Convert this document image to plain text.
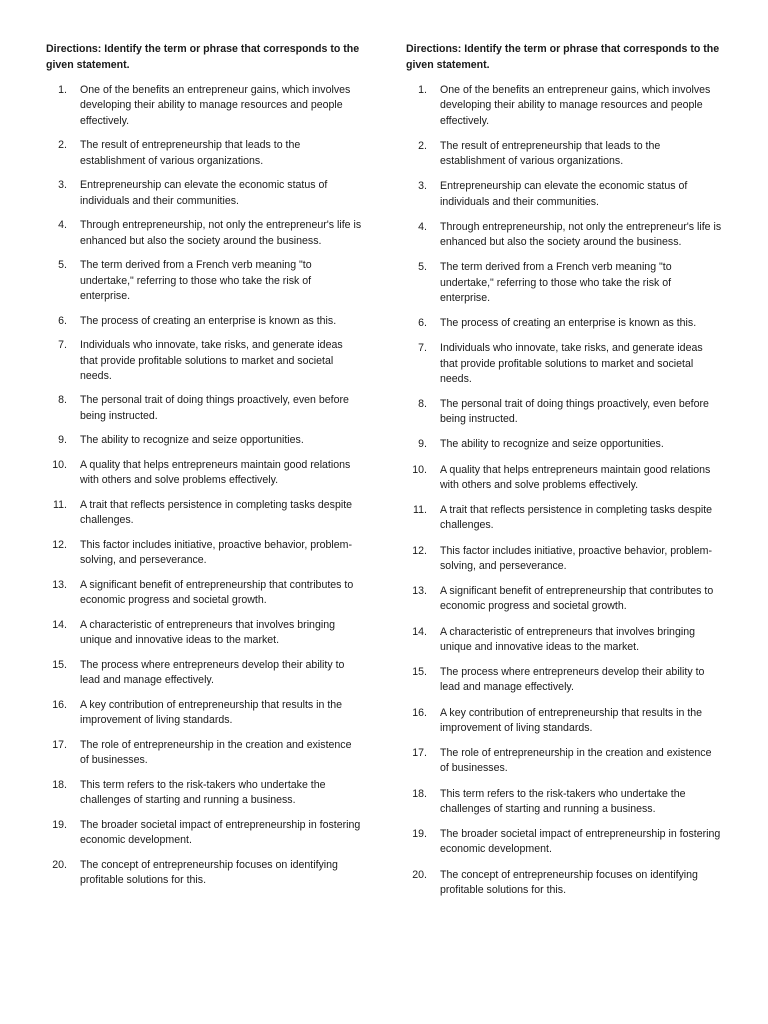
Directions: Identify the term or phrase that corresponds to the given statement.

1.	One of the benefits an entrepreneur gains, which involves developing their ability to manage resources and people effectively.
2.	The result of entrepreneurship that leads to the establishment of various organizations.
3.	Entrepreneurship can elevate the economic status of individuals and their communities.
4.	Through entrepreneurship, not only the entrepreneur's life is enhanced but also the society around the business.
5.	The term derived from a French verb meaning "to undertake," referring to those who take the risk of enterprise.
6.	The process of creating an enterprise is known as this.
7.	Individuals who innovate, take risks, and generate ideas that provide profitable solutions to market and societal needs.
8.	The personal trait of doing things proactively, even before being instructed.
9.	The ability to recognize and seize opportunities.
10.	A quality that helps entrepreneurs maintain good relations with others and solve problems effectively.
11.	A trait that reflects persistence in completing tasks despite challenges.
12.	This factor includes initiative, proactive behavior, problem-solving, and perseverance.
13.	A significant benefit of entrepreneurship that contributes to economic progress and societal growth.
14.	A characteristic of entrepreneurs that involves bringing unique and innovative ideas to the market.
15.	The process where entrepreneurs develop their ability to lead and manage effectively.
16.	A key contribution of entrepreneurship that results in the improvement of living standards.
17.	The role of entrepreneurship in the creation and existence of businesses.
18.	This term refers to the risk-takers who undertake the challenges of starting and running a business.
19.	The broader societal impact of entrepreneurship in fostering economic development.
20.	The concept of entrepreneurship focuses on identifying profitable solutions for this.

Directions: Identify the term or phrase that corresponds to the given statement.

1.	One of the benefits an entrepreneur gains, which involves developing their ability to manage resources and people effectively.
2.	The result of entrepreneurship that leads to the establishment of various organizations.
3.	Entrepreneurship can elevate the economic status of individuals and their communities.
4.	Through entrepreneurship, not only the entrepreneur's life is enhanced but also the society around the business.
5.	The term derived from a French verb meaning "to undertake," referring to those who take the risk of enterprise.
6.	The process of creating an enterprise is known as this.
7.	Individuals who innovate, take risks, and generate ideas that provide profitable solutions to market and societal needs.
8.	The personal trait of doing things proactively, even before being instructed.
9.	The ability to recognize and seize opportunities.
10.	A quality that helps entrepreneurs maintain good relations with others and solve problems effectively.
11.	A trait that reflects persistence in completing tasks despite challenges.
12.	This factor includes initiative, proactive behavior, problem-solving, and perseverance.
13.	A significant benefit of entrepreneurship that contributes to economic progress and societal growth.
14.	A characteristic of entrepreneurs that involves bringing unique and innovative ideas to the market.
15.	The process where entrepreneurs develop their ability to lead and manage effectively.
16.	A key contribution of entrepreneurship that results in the improvement of living standards.
17.	The role of entrepreneurship in the creation and existence of businesses.
18.	This term refers to the risk-takers who undertake the challenges of starting and running a business.
19.	The broader societal impact of entrepreneurship in fostering economic development.
20.	The concept of entrepreneurship focuses on identifying profitable solutions for this.
